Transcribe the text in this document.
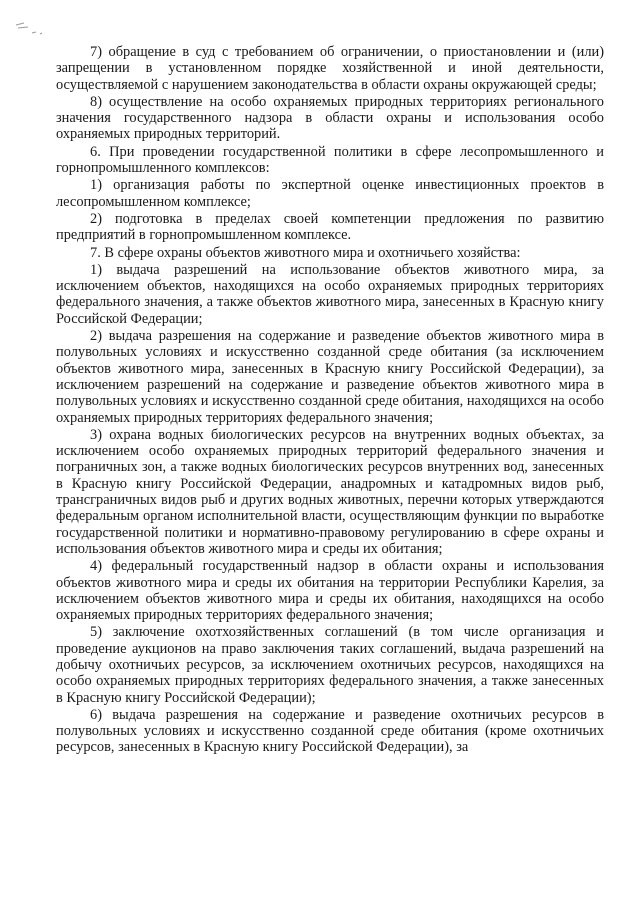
7) обращение в суд с требованием об ограничении, о приостановлении и (или) запрещении в установленном порядке хозяйственной и иной деятельности, осуществляемой с нарушением законодательства в области охраны окружающей среды;

8) осуществление на особо охраняемых природных территориях регионального значения государственного надзора в области охраны и использования особо охраняемых природных территорий.

6. При проведении государственной политики в сфере лесопромышленного и горнопромышленного комплексов:

1) организация работы по экспертной оценке инвестиционных проектов в лесопромышленном комплексе;

2) подготовка в пределах своей компетенции предложения по развитию предприятий в горнопромышленном комплексе.

7. В сфере охраны объектов животного мира и охотничьего хозяйства:

1) выдача разрешений на использование объектов животного мира, за исключением объектов, находящихся на особо охраняемых природных территориях федерального значения, а также объектов животного мира, занесенных в Красную книгу Российской Федерации;

2) выдача разрешения на содержание и разведение объектов животного мира в полувольных условиях и искусственно созданной среде обитания (за исключением объектов животного мира, занесенных в Красную книгу Российской Федерации), за исключением разрешений на содержание и разведение объектов животного мира в полувольных условиях и искусственно созданной среде обитания, находящихся на особо охраняемых природных территориях федерального значения;

3) охрана водных биологических ресурсов на внутренних водных объектах, за исключением особо охраняемых природных территорий федерального значения и пограничных зон, а также водных биологических ресурсов внутренних вод, занесенных в Красную книгу Российской Федерации, анадромных и катадромных видов рыб, трансграничных видов рыб и других водных животных, перечни которых утверждаются федеральным органом исполнительной власти, осуществляющим функции по выработке государственной политики и нормативно-правовому регулированию в сфере охраны и использования объектов животного мира и среды их обитания;

4) федеральный государственный надзор в области охраны и использования объектов животного мира и среды их обитания на территории Республики Карелия, за исключением объектов животного мира и среды их обитания, находящихся на особо охраняемых природных территориях федерального значения;

5) заключение охотхозяйственных соглашений (в том числе организация и проведение аукционов на право заключения таких соглашений, выдача разрешений на добычу охотничьих ресурсов, за исключением охотничьих ресурсов, находящихся на особо охраняемых природных территориях федерального значения, а также занесенных в Красную книгу Российской Федерации);

6) выдача разрешения на содержание и разведение охотничьих ресурсов в полувольных условиях и искусственно созданной среде обитания (кроме охотничьих ресурсов, занесенных в Красную книгу Российской Федерации), за
